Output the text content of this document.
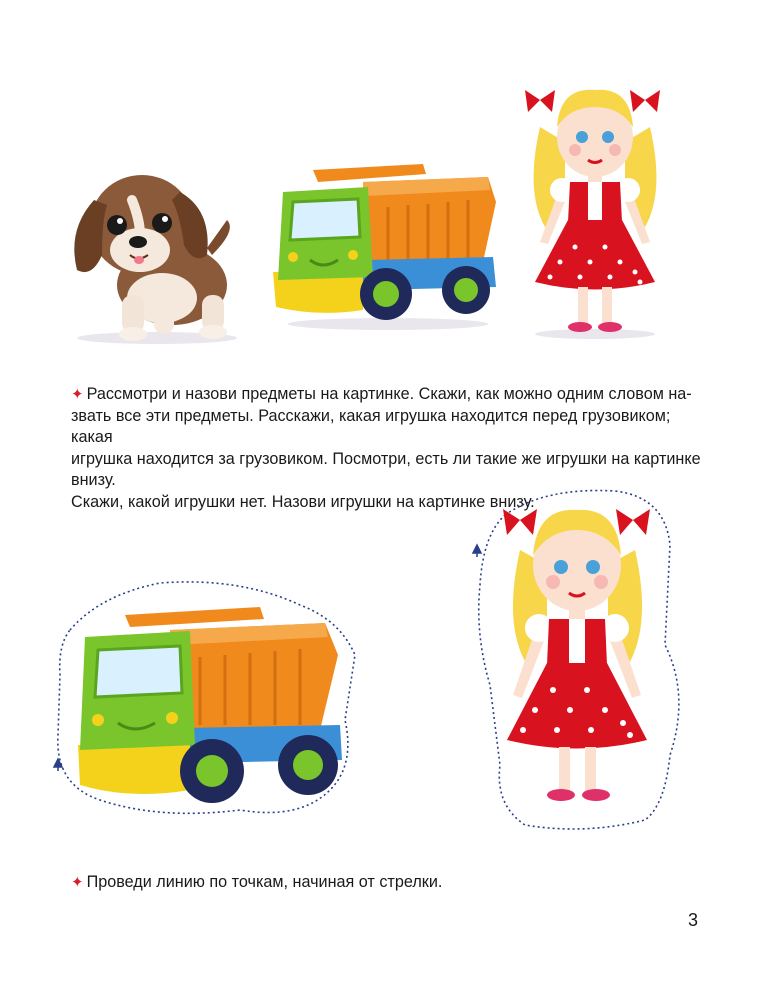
✦ Рассмотри и назови предметы на картинке. Скажи, как можно одним словом на-
звать все эти предметы. Расскажи, какая игрушка находится перед грузовиком; какая
игрушка находится за грузовиком. Посмотри, есть ли такие же игрушки на картинке внизу.
Скажи, какой игрушки нет. Назови игрушки на картинке внизу.
✦ Проведи линию по точкам, начиная от стрелки.
3
